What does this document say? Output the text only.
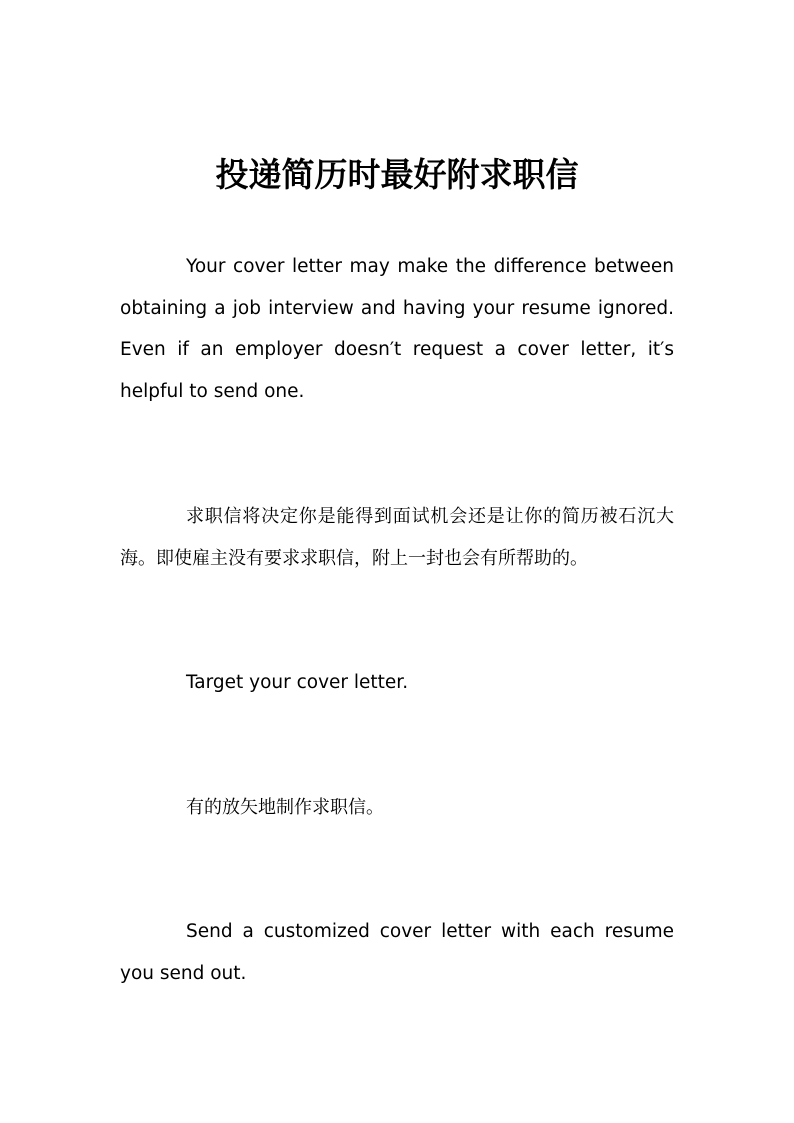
投递简历时最好附求职信

Your cover letter may make the difference between obtaining a job interview and having your resume ignored. Even if an employer doesn′t request a cover letter, it′s helpful to send one.

求职信将决定你是能得到面试机会还是让你的简历被石沉大海。即使雇主没有要求求职信，附上一封也会有所帮助的。

Target your cover letter.

有的放矢地制作求职信。

Send a customized cover letter with each resume you send out.
